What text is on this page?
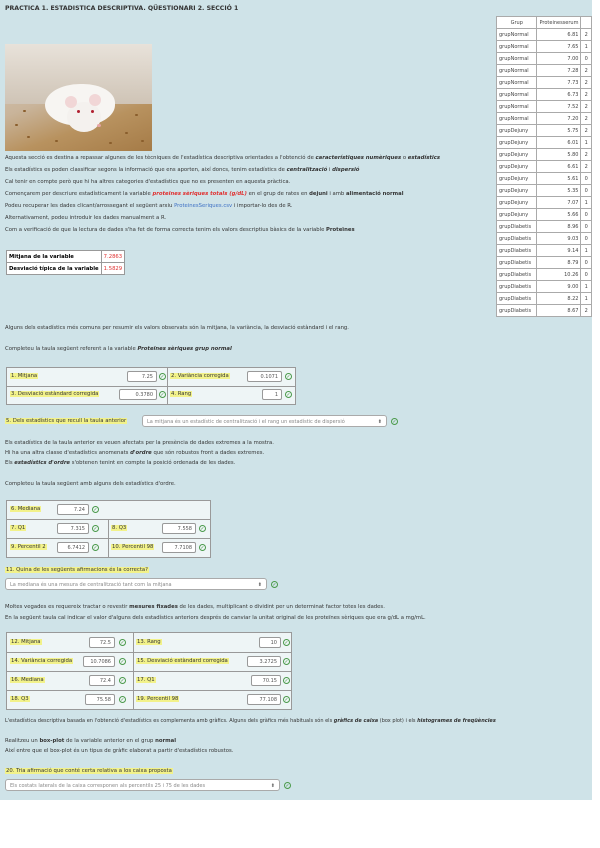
PRACTICA 1. ESTADISTICA DESCRIPTIVA. QÜESTIONARI 2. SECCIÓ 1
Grup	Proteinesserum	
grupNormal	6.81	2
grupNormal	7.65	1
grupNormal	7.00	0
grupNormal	7.28	2
grupNormal	7.73	2
grupNormal	6.73	2
grupNormal	7.52	2
grupNormal	7.20	2
grupDejuny	5.75	2
grupDejuny	6.01	1
grupDejuny	5.80	2
grupDejuny	6.61	2
grupDejuny	5.61	0
grupDejuny	5.35	0
grupDejuny	7.07	1
grupDejuny	5.66	0
grupDiabetis	8.96	0
grupDiabetis	9.03	0
grupDiabetis	9.14	1
grupDiabetis	8.79	0
grupDiabetis	10.26	0
grupDiabetis	9.00	1
grupDiabetis	8.22	1
grupDiabetis	8.67	2
Aquesta secció es destina a repassar algunes de les tècniques de l'estadística descriptiva orientades a l'obtenció de característiques numèriques o estadístics
Els estadístics es poden classificar segons la informació que ens aporten, així doncs, tenim estadístics de centralització i dispersió
Cal tenir en compte però que hi ha altres categories d'estadístics que no es presenten en aquesta pràctica.
Començarem per descriure estadísticament la variable proteïnes sèriques totals (g/dL) en el grup de rates en dejuni i amb alimentació normal
Podeu recuperar les dades clicant/arrossegant el següent arxiu ProteinesSeriques.csv i importar-lo des de R.
Alternativament, podeu introduir les dades manualment a R.
Com a verificació de que la lectura de dades s'ha fet de forma correcta tenim els valors descriptius bàsics de la variable Proteïnes
Mitjana de la variable	7.2863
Desviació típica de la variable	1.5829
Alguns dels estadístics més comuns per resumir els valors observats són la mitjana, la variància, la desviació estàndard i el rang.
Completeu la taula següent referent a la variable Proteïnes sèriques grup normal
1. Mitjana	7.25	✓ 2. Variància corregida	0.1071	✓
3. Desviació estàndard corregida	0.3780	✓ 4. Rang	1	✓
5. Dels estadístics que recull la taula anterior	La mitjana és un estadístic de centralització i el rang un estadístic de dispersió	⬍ ✓
Els estadístics de la taula anterior es veuen afectats per la presència de dades extremes a la mostra.
Hi ha una altra classe d'estadístics anomenats d'ordre que són robustos front a dades extremes.
Els estadístics d'ordre s'obtenen tenint en compte la posició ordenada de les dades.
Completeu la taula següent amb alguns dels estadístics d'ordre.
6. Mediana	7.24	✓
7. Q1	7.315	✓	8. Q3	7.558	✓
9. Percentil 2	6.7412	✓	10. Percentil 98	7.7108	✓
11. Quina de les següents afirmacions és la correcta?
La mediana és una mesura de centralització tant com la mitjana	⬍ ✓
Moltes vegades es requereix tractar o revestir mesures fixades de les dades, multiplicant o dividint per un determinat factor totes les dades.
En la següent taula cal indicar el valor d'alguns dels estadístics anteriors després de canviar la unitat original de les proteïnes sèriques que era g/dL a mg/mL.
12. Mitjana	72.5	✓ 13. Rang	10	✓
14. Variància corregida	10.7086	✓ 15. Desviació estàndard corregida	3.2725	✓
16. Mediana	72.4	✓ 17. Q1	70.15	✓
18. Q3	75.58	✓ 19. Percentil 98	77.108	✓
L'estadística descriptiva basada en l'obtenció d'estadístics es complementa amb gràfics. Alguns dels gràfics més habituals són els gràfics de caixa (box plot) i els histogrames de freqüències
Realitzeu un box-plot de la variable anterior en el grup normal
Així entre que el box-plot és un tipus de gràfic elaborat a partir d'estadístics robustos.
20. Tria afirmació que conté certa relativa a los caixa proposta
Els costats laterals de la caixa corresponen als percentils 25 i 75 de les dades	⬍ ✓
